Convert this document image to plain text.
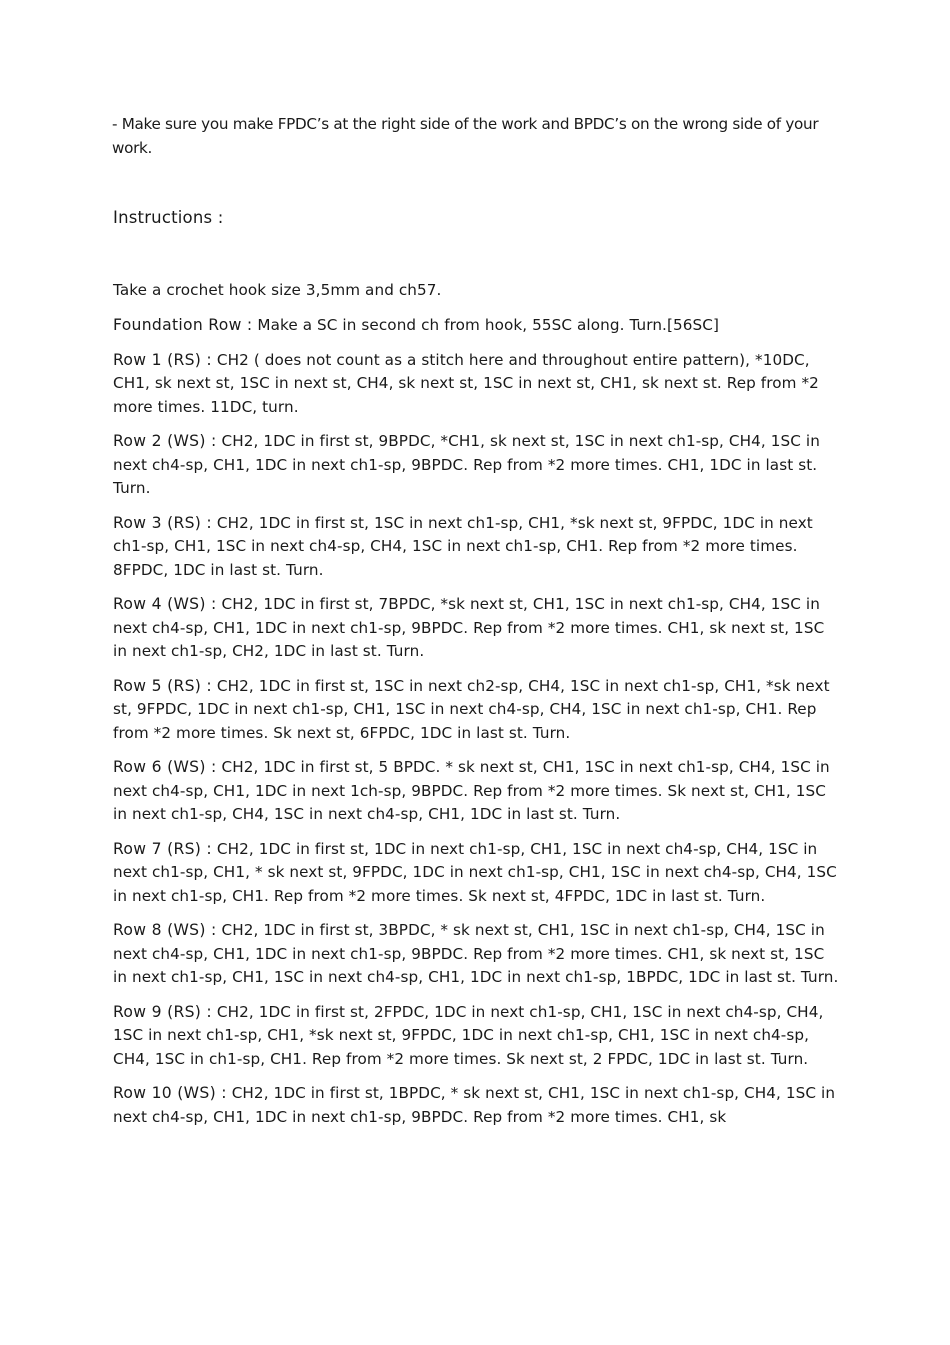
- Make sure you make FPDC’s at the right side of the work and BPDC’s on the wrong side of your work.

Instructions :

Take a crochet hook size 3,5mm and ch57.

Foundation Row : Make a SC in second ch from hook, 55SC along. Turn.[56SC]

Row 1 (RS) : CH2 ( does not count as a stitch here and throughout entire pattern), *10DC, CH1, sk next st, 1SC in next st, CH4, sk next st, 1SC in next st, CH1, sk next st. Rep from *2 more times. 11DC, turn.

Row 2 (WS) : CH2, 1DC in first st, 9BPDC, *CH1, sk next st, 1SC in next ch1-sp, CH4, 1SC in next ch4-sp, CH1, 1DC in next ch1-sp, 9BPDC. Rep from *2 more times. CH1, 1DC in last st. Turn.

Row 3 (RS) : CH2, 1DC in first st, 1SC in next ch1-sp, CH1, *sk next st, 9FPDC, 1DC in next ch1-sp, CH1, 1SC in next ch4-sp, CH4, 1SC in next ch1-sp, CH1. Rep from *2 more times. 8FPDC, 1DC in last st. Turn.

Row 4 (WS) : CH2, 1DC in first st, 7BPDC, *sk next st, CH1, 1SC in next ch1-sp, CH4, 1SC in next ch4-sp, CH1, 1DC in next ch1-sp, 9BPDC. Rep from *2 more times. CH1, sk next st, 1SC in next ch1-sp, CH2, 1DC in last st. Turn.

Row 5 (RS) : CH2, 1DC in first st, 1SC in next ch2-sp, CH4, 1SC in next ch1-sp, CH1, *sk next st, 9FPDC, 1DC in next ch1-sp, CH1, 1SC in next ch4-sp, CH4, 1SC in next ch1-sp, CH1. Rep from *2 more times. Sk next st, 6FPDC, 1DC in last st. Turn.

Row 6 (WS) : CH2, 1DC in first st, 5 BPDC. * sk next st, CH1, 1SC in next ch1-sp, CH4, 1SC in next ch4-sp, CH1, 1DC in next 1ch-sp, 9BPDC. Rep from *2 more times. Sk next st, CH1, 1SC in next ch1-sp, CH4, 1SC in next ch4-sp, CH1, 1DC in last st. Turn.

Row 7 (RS) : CH2, 1DC in first st, 1DC in next ch1-sp, CH1, 1SC in next ch4-sp, CH4, 1SC in next ch1-sp, CH1, * sk next st, 9FPDC, 1DC in next ch1-sp, CH1, 1SC in next ch4-sp, CH4, 1SC in next ch1-sp, CH1. Rep from *2 more times. Sk next st, 4FPDC, 1DC in last st. Turn.

Row 8 (WS) : CH2, 1DC in first st, 3BPDC, * sk next st, CH1, 1SC in next ch1-sp, CH4, 1SC in next ch4-sp, CH1, 1DC in next ch1-sp, 9BPDC. Rep from *2 more times. CH1, sk next st, 1SC in next ch1-sp, CH1, 1SC in next ch4-sp, CH1, 1DC in next ch1-sp, 1BPDC, 1DC in last st. Turn.

Row 9 (RS) : CH2, 1DC in first st, 2FPDC, 1DC in next ch1-sp, CH1, 1SC in next ch4-sp, CH4, 1SC in next ch1-sp, CH1, *sk next st, 9FPDC, 1DC in next ch1-sp, CH1, 1SC in next ch4-sp, CH4, 1SC in ch1-sp, CH1. Rep from *2 more times. Sk next st, 2 FPDC, 1DC in last st. Turn.

Row 10 (WS) : CH2, 1DC in first st, 1BPDC, * sk next st, CH1, 1SC in next ch1-sp, CH4, 1SC in next ch4-sp, CH1, 1DC in next ch1-sp, 9BPDC. Rep from *2 more times. CH1, sk
